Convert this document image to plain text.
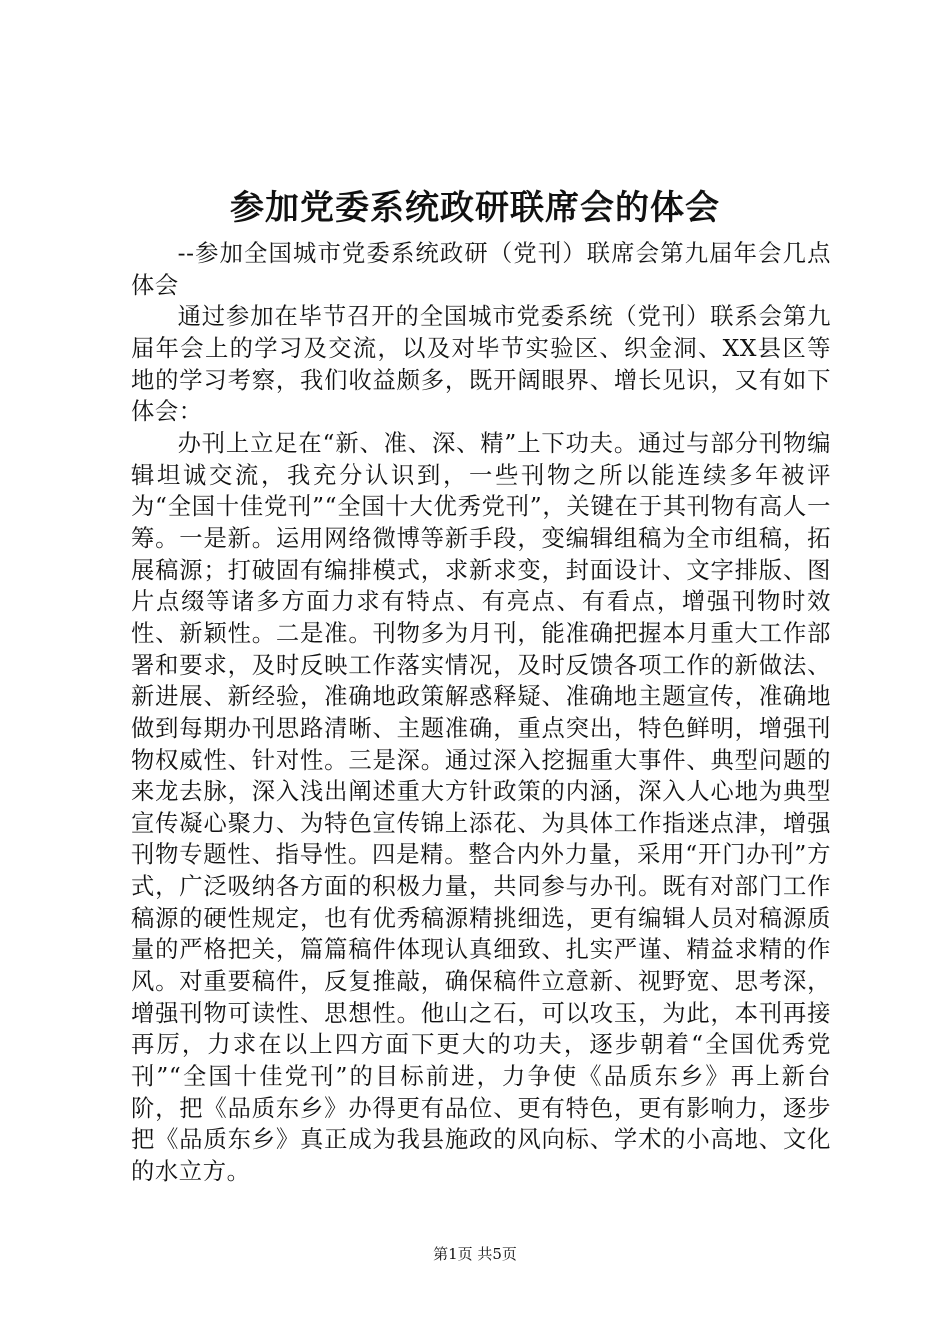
参加党委系统政研联席会的体会

--参加全国城市党委系统政研（党刊）联席会第九届年会几点体会

通过参加在毕节召开的全国城市党委系统（党刊）联系会第九届年会上的学习及交流，以及对毕节实验区、织金洞、XX县区等地的学习考察，我们收益颇多，既开阔眼界、增长见识，又有如下体会：

办刊上立足在“新、准、深、精”上下功夫。通过与部分刊物编辑坦诚交流，我充分认识到，一些刊物之所以能连续多年被评为“全国十佳党刊”“全国十大优秀党刊”，关键在于其刊物有高人一筹。一是新。运用网络微博等新手段，变编辑组稿为全市组稿，拓展稿源；打破固有编排模式，求新求变，封面设计、文字排版、图片点缀等诸多方面力求有特点、有亮点、有看点，增强刊物时效性、新颖性。二是准。刊物多为月刊，能准确把握本月重大工作部署和要求，及时反映工作落实情况，及时反馈各项工作的新做法、新进展、新经验，准确地政策解惑释疑、准确地主题宣传，准确地做到每期办刊思路清晰、主题准确，重点突出，特色鲜明，增强刊物权威性、针对性。三是深。通过深入挖掘重大事件、典型问题的来龙去脉，深入浅出阐述重大方针政策的内涵，深入人心地为典型宣传凝心聚力、为特色宣传锦上添花、为具体工作指迷点津，增强刊物专题性、指导性。四是精。整合内外力量，采用“开门办刊”方式，广泛吸纳各方面的积极力量，共同参与办刊。既有对部门工作稿源的硬性规定，也有优秀稿源精挑细选，更有编辑人员对稿源质量的严格把关，篇篇稿件体现认真细致、扎实严谨、精益求精的作风。对重要稿件，反复推敲，确保稿件立意新、视野宽、思考深，增强刊物可读性、思想性。他山之石，可以攻玉，为此，本刊再接再厉，力求在以上四方面下更大的功夫，逐步朝着“全国优秀党刊”“全国十佳党刊”的目标前进，力争使《品质东乡》再上新台阶，把《品质东乡》办得更有品位、更有特色，更有影响力，逐步把《品质东乡》真正成为我县施政的风向标、学术的小高地、文化的水立方。

第1页 共5页
